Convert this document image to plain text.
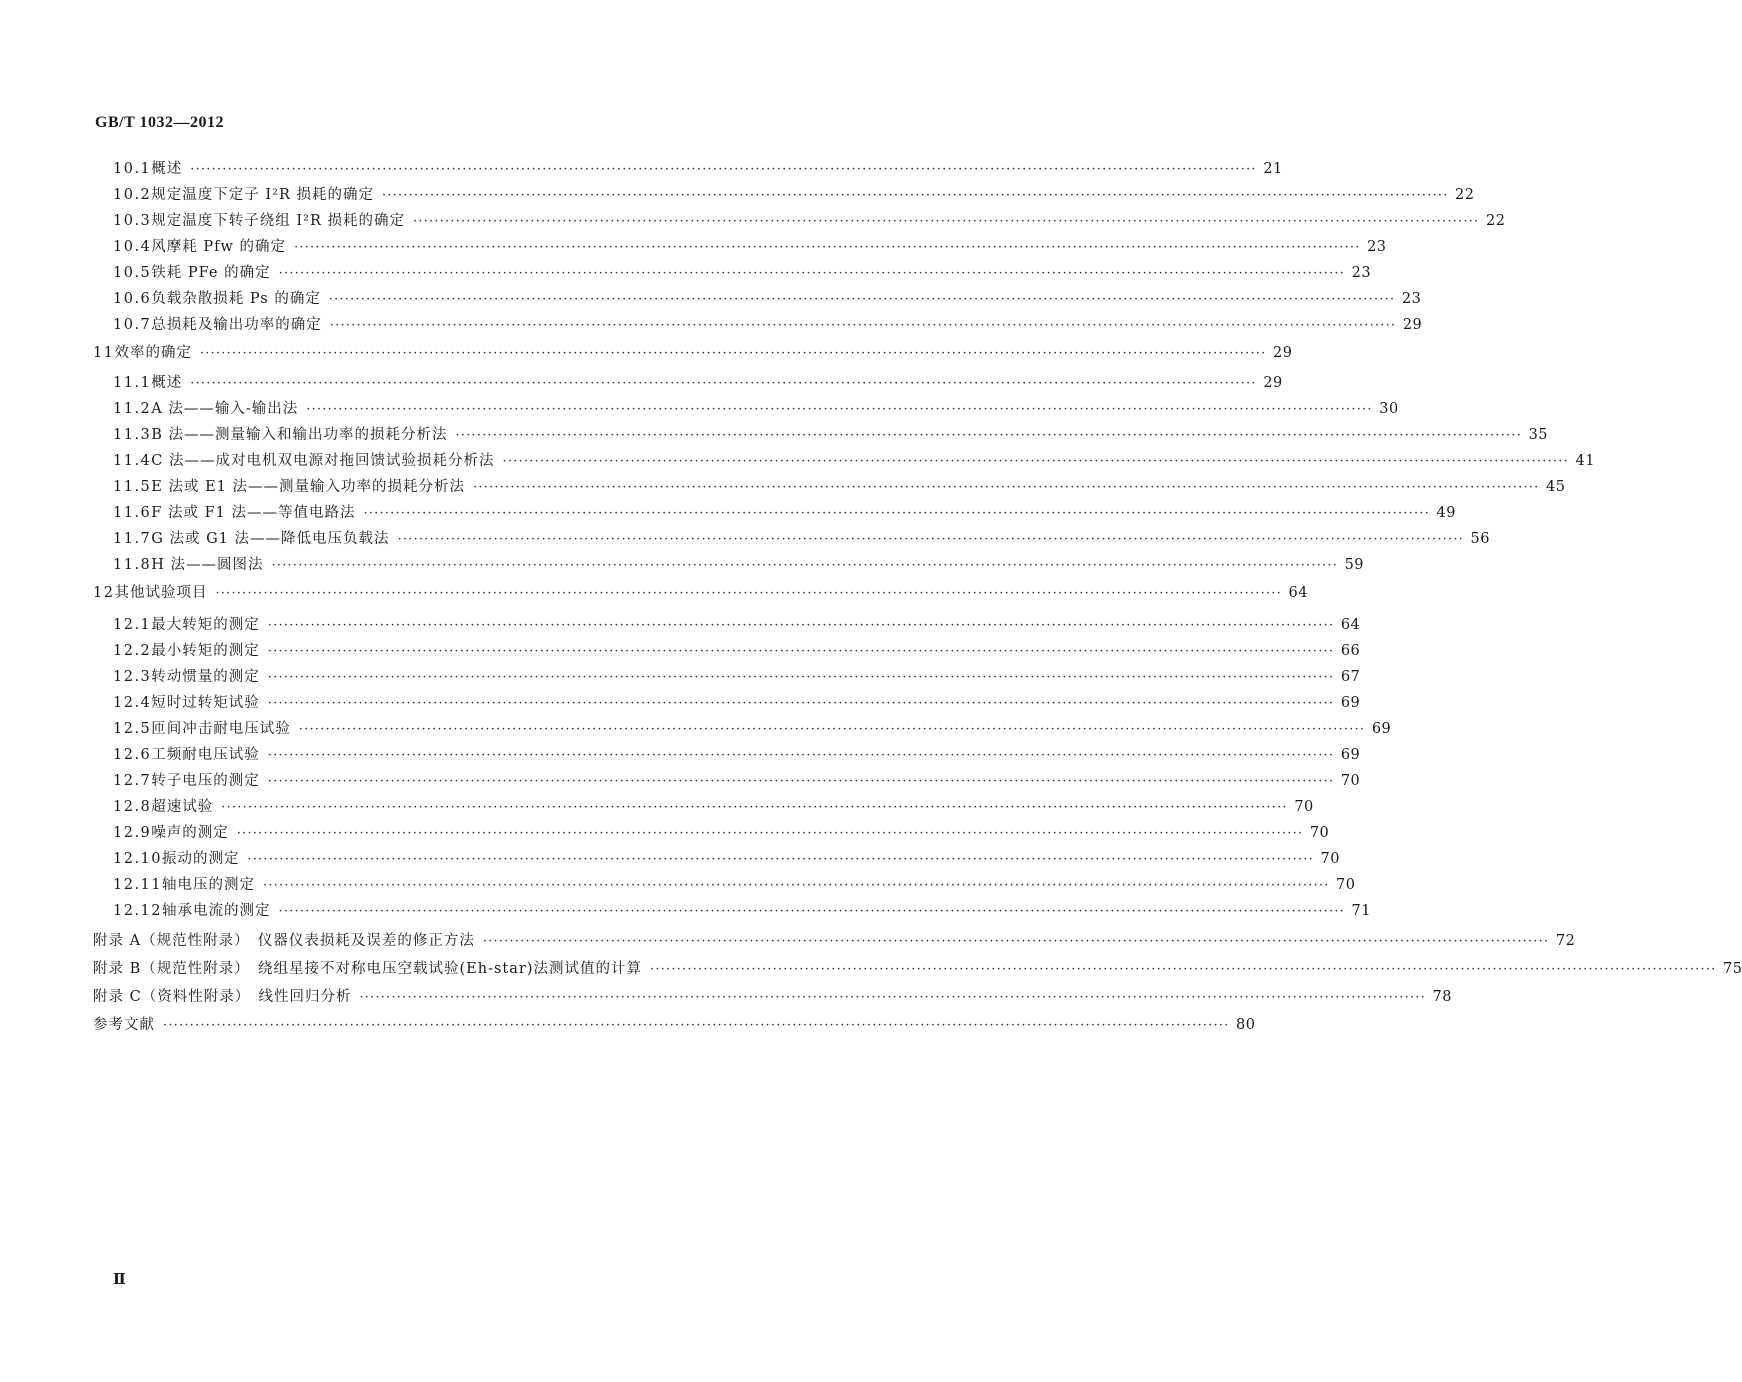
GB/T 1032—2012
10.1 概述 ········································································································································································································ 21
10.2 规定温度下定子 I²R 损耗的确定 ········································································································································································································ 22
10.3 规定温度下转子绕组 I²R 损耗的确定 ········································································································································································································ 22
10.4 风摩耗 Pfw 的确定 ········································································································································································································ 23
10.5 铁耗 PFe 的确定 ········································································································································································································ 23
10.6 负载杂散损耗 Ps 的确定 ········································································································································································································ 23
10.7 总损耗及输出功率的确定 ········································································································································································································ 29
11 效率的确定 ········································································································································································································ 29
11.1 概述 ········································································································································································································ 29
11.2 A 法——输入-输出法 ········································································································································································································ 30
11.3 B 法——测量输入和输出功率的损耗分析法 ········································································································································································································ 35
11.4 C 法——成对电机双电源对拖回馈试验损耗分析法 ········································································································································································································ 41
11.5 E 法或 E1 法——测量输入功率的损耗分析法 ········································································································································································································ 45
11.6 F 法或 F1 法——等值电路法 ········································································································································································································ 49
11.7 G 法或 G1 法——降低电压负载法 ········································································································································································································ 56
11.8 H 法——圆图法 ········································································································································································································ 59
12 其他试验项目 ········································································································································································································ 64
12.1 最大转矩的测定 ········································································································································································································ 64
12.2 最小转矩的测定 ········································································································································································································ 66
12.3 转动惯量的测定 ········································································································································································································ 67
12.4 短时过转矩试验 ········································································································································································································ 69
12.5 匝间冲击耐电压试验 ········································································································································································································ 69
12.6 工频耐电压试验 ········································································································································································································ 69
12.7 转子电压的测定 ········································································································································································································ 70
12.8 超速试验 ········································································································································································································ 70
12.9 噪声的测定 ········································································································································································································ 70
12.10 振动的测定 ········································································································································································································ 70
12.11 轴电压的测定 ········································································································································································································ 70
12.12 轴承电流的测定 ········································································································································································································ 71
附录 A（规范性附录）　仪器仪表损耗及误差的修正方法 ········································································································································································································ 72
附录 B（规范性附录）　绕组星接不对称电压空载试验(Eh-star)法测试值的计算 ········································································································································································································ 75
附录 C（资料性附录）　线性回归分析 ········································································································································································································ 78
参考文献 ········································································································································································································ 80
Ⅱ
